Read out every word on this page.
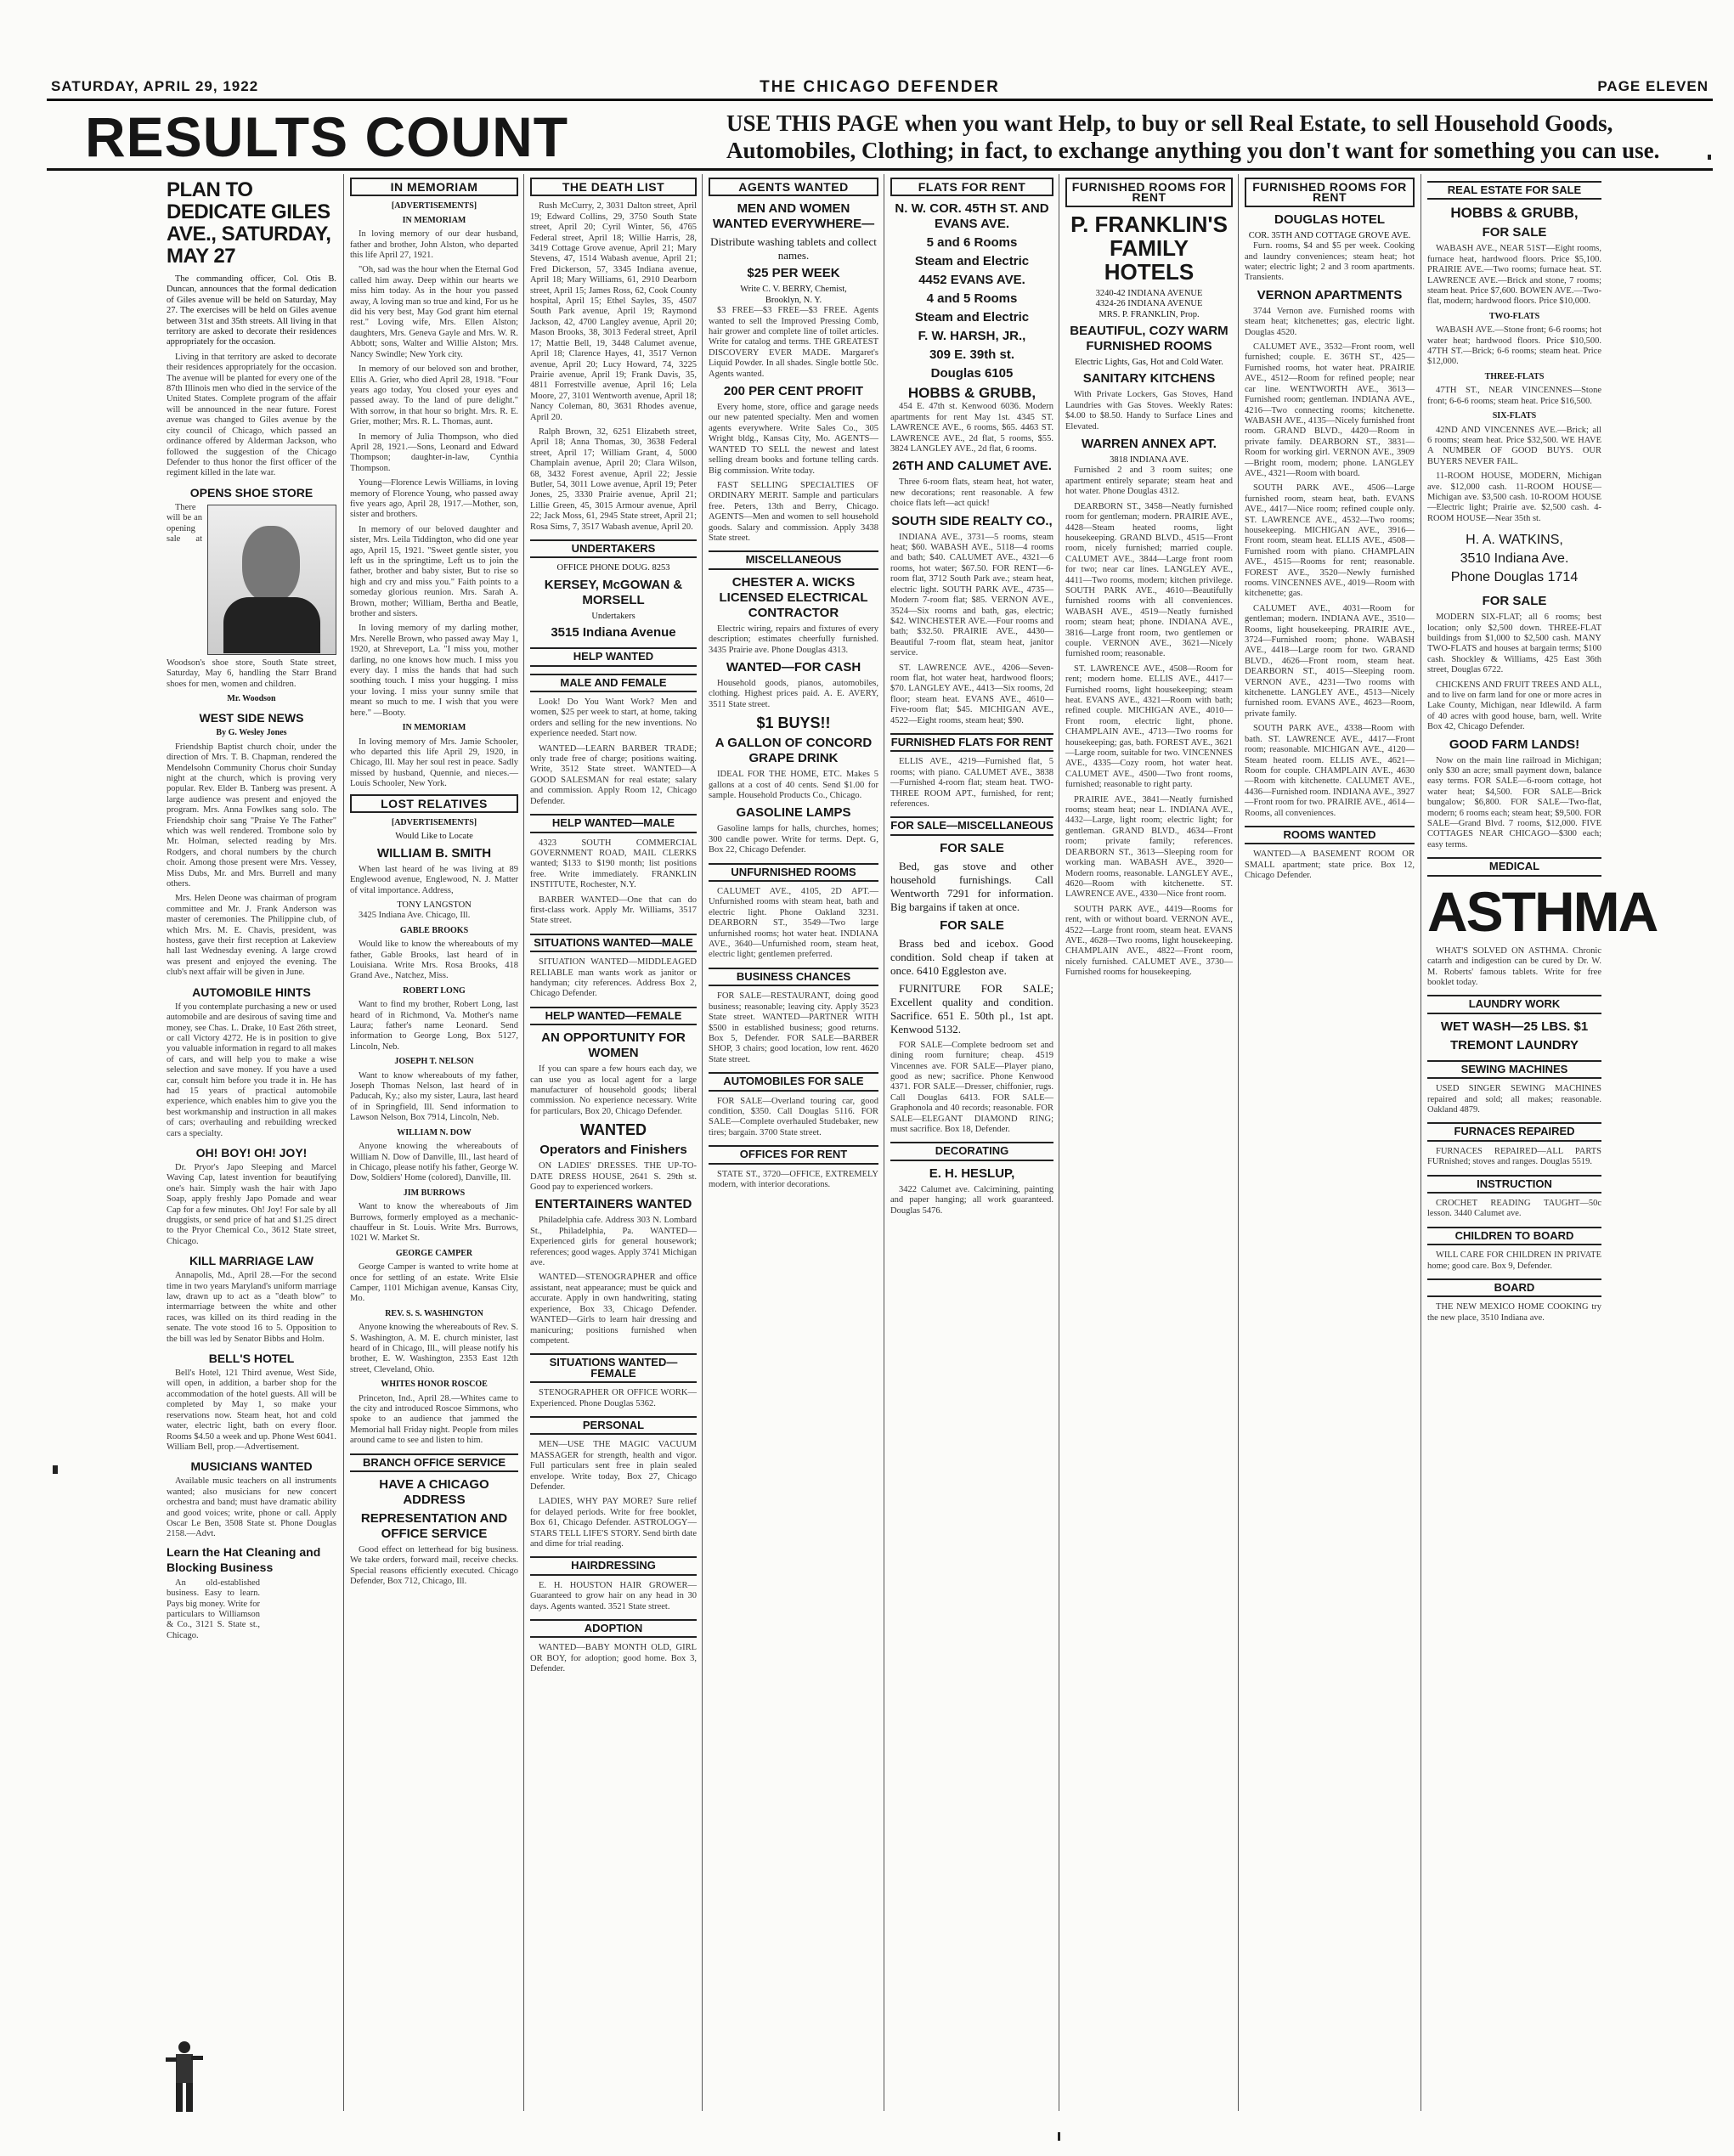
SATURDAY, APRIL 29, 1922	THE CHICAGO DEFENDER	PAGE ELEVEN
RESULTS COUNT	USE THIS PAGE when you want Help, to buy or sell Real Estate, to sell Household Goods, Automobiles, Clothing; in fact, to exchange anything you don't want for something you can use.
PLAN TO DEDICATE GILES AVE., SATURDAY, MAY 27

The commanding officer, Col. Otis B. Duncan, announces that the formal dedication of Giles avenue will be held on Saturday, May 27. The exercises will be held on Giles avenue between 31st and 35th streets. All living in that territory are asked to decorate their residences appropriately for the occasion.

Living in that territory are asked to decorate their residences appropriately for the occasion. The avenue will be planted for every one of the 87th Illinois men who died in the service of the United States. Complete program of the affair will be announced in the near future. Forest avenue was changed to Giles avenue by the city council of Chicago, which passed an ordinance offered by Alderman Jackson, who followed the suggestion of the Chicago Defender to thus honor the first officer of the regiment killed in the late war.

OPENS SHOE STORE

There will be an opening sale at Woodson's shoe store, South State street, Saturday, May 6, handling the Starr Brand shoes for men, women and children.

Mr. Woodson
WEST SIDE NEWS
By G. Wesley Jones

Friendship Baptist church choir, under the direction of Mrs. T. B. Chapman, rendered the Mendelsohn Community Chorus choir Sunday night at the church, which is proving very popular. Rev. Elder B. Tanberg was present. A large audience was present and enjoyed the program. Mrs. Anna Fowlkes sang solo. The Friendship choir sang "Praise Ye The Father" which was well rendered. Trombone solo by Mr. Holman, selected reading by Mrs. Rodgers, and choral numbers by the church choir. Among those present were Mrs. Vessey, Miss Dubs, Mr. and Mrs. Burrell and many others.

Mrs. Helen Deone was chairman of program committee and Mr. J. Frank Anderson was master of ceremonies. The Philippine club, of which Mrs. M. E. Chavis, president, was hostess, gave their first reception at Lakeview hall last Wednesday evening. A large crowd was present and enjoyed the evening. The club's next affair will be given in June.

AUTOMOBILE HINTS

If you contemplate purchasing a new or used automobile and are desirous of saving time and money, see Chas. L. Drake, 10 East 26th street, or call Victory 4272. He is in position to give you valuable information in regard to all makes of cars, and will help you to make a wise selection and save money. If you have a used car, consult him before you trade it in. He has had 15 years of practical automobile experience, which enables him to give you the best workmanship and instruction in all makes of cars; overhauling and rebuilding wrecked cars a specialty.

OH! BOY! OH! JOY!

Dr. Pryor's Japo Sleeping and Marcel Waving Cap, latest invention for beautifying one's hair. Simply wash the hair with Japo Soap, apply freshly Japo Pomade and wear Cap for a few minutes. Oh! Joy! For sale by all druggists, or send price of hat and $1.25 direct to the Pryor Chemical Co., 3612 State street, Chicago.

KILL MARRIAGE LAW

Annapolis, Md., April 28.—For the second time in two years Maryland's uniform marriage law, drawn up to act as a "death blow" to intermarriage between the white and other races, was killed on its third reading in the senate. The vote stood 16 to 5. Opposition to the bill was led by Senator Bibbs and Holm.

BELL'S HOTEL

Bell's Hotel, 121 Third avenue, West Side, will open, in addition, a barber shop for the accommodation of the hotel guests. All will be completed by May 1, so make your reservations now. Steam heat, hot and cold water, electric light, bath on every floor. Rooms $4.50 a week and up. Phone West 6041. William Bell, prop.—Advertisement.

MUSICIANS WANTED

Available music teachers on all instruments wanted; also musicians for new concert orchestra and band; must have dramatic ability and good voices; write, phone or call. Apply Oscar Le Ben, 3508 State st. Phone Douglas 2158.—Advt.

Learn the Hat Cleaning and Blocking Business

An old-established business. Easy to learn. Pays big money. Write for particulars to Williamson & Co., 3121 S. State st., Chicago.

IN MEMORIAM
[ADVERTISEMENTS]
IN MEMORIAM

In loving memory of our dear husband, father and brother, John Alston, who departed this life April 27, 1921.

"Oh, sad was the hour when the Eternal God called him away. Deep within our hearts we miss him today. As in the hour you passed away, A loving man so true and kind, For us he did his very best, May God grant him eternal rest." Loving wife, Mrs. Ellen Alston; daughters, Mrs. Geneva Gayle and Mrs. W. R. Abbott; sons, Walter and Willie Alston; Mrs. Nancy Swindle; New York city.

In memory of our beloved son and brother, Ellis A. Grier, who died April 28, 1918. "Four years ago today, You closed your eyes and passed away. To the land of pure delight." With sorrow, in that hour so bright. Mrs. R. E. Grier, mother; Mrs. R. L. Thomas, aunt.

In memory of Julia Thompson, who died April 28, 1921.—Sons, Leonard and Edward Thompson; daughter-in-law, Cynthia Thompson.

Young—Florence Lewis Williams, in loving memory of Florence Young, who passed away five years ago, April 28, 1917.—Mother, son, sister and brothers.

In memory of our beloved daughter and sister, Mrs. Leila Tiddington, who did one year ago, April 15, 1921. "Sweet gentle sister, you left us in the springtime, Left us to join the father, brother and baby sister, But to rise so high and cry and miss you." Faith points to a someday glorious reunion. Mrs. Sarah A. Brown, mother; William, Bertha and Beatle, brother and sisters.

In loving memory of my darling mother, Mrs. Nerelle Brown, who passed away May 1, 1920, at Shreveport, La. "I miss you, mother darling, no one knows how much. I miss you every day. I miss the hands that had such soothing touch. I miss your hugging. I miss your loving. I miss your sunny smile that meant so much to me. I wish that you were here." —Booty.

IN MEMORIAM

In loving memory of Mrs. Jamie Schooler, who departed this life April 29, 1920, in Chicago, Ill. May her soul rest in peace. Sadly missed by husband, Quennie, and nieces.—Louis Schooler, New York.

LOST RELATIVES
[ADVERTISEMENTS]
Would Like to Locate
WILLIAM B. SMITH

When last heard of he was living at 89 Englewood avenue, Englewood, N. J. Matter of vital importance. Address,

TONY LANGSTON

3425 Indiana Ave. Chicago, Ill.

GABLE BROOKS

Would like to know the whereabouts of my father, Gable Brooks, last heard of in Louisiana. Write Mrs. Rosa Brooks, 418 Grand Ave., Natchez, Miss.

ROBERT LONG

Want to find my brother, Robert Long, last heard of in Richmond, Va. Mother's name Laura; father's name Leonard. Send information to George Long, Box 5127, Lincoln, Neb.

JOSEPH T. NELSON

Want to know whereabouts of my father, Joseph Thomas Nelson, last heard of in Paducah, Ky.; also my sister, Laura, last heard of in Springfield, Ill. Send information to Lawson Nelson, Box 7914, Lincoln, Neb.

WILLIAM N. DOW

Anyone knowing the whereabouts of William N. Dow of Danville, Ill., last heard of in Chicago, please notify his father, George W. Dow, Soldiers' Home (colored), Danville, Ill.

JIM BURROWS

Want to know the whereabouts of Jim Burrows, formerly employed as a mechanic-chauffeur in St. Louis. Write Mrs. Burrows, 1021 W. Market St.

GEORGE CAMPER

George Camper is wanted to write home at once for settling of an estate. Write Elsie Camper, 1101 Michigan avenue, Kansas City, Mo.

REV. S. S. WASHINGTON

Anyone knowing the whereabouts of Rev. S. S. Washington, A. M. E. church minister, last heard of in Chicago, Ill., will please notify his brother, E. W. Washington, 2353 East 12th street, Cleveland, Ohio.

WHITES HONOR ROSCOE

Princeton, Ind., April 28.—Whites came to the city and introduced Roscoe Simmons, who spoke to an audience that jammed the Memorial hall Friday night. People from miles around came to see and listen to him.

BRANCH OFFICE SERVICE
HAVE A CHICAGO ADDRESS
REPRESENTATION AND OFFICE SERVICE

Good effect on letterhead for big business. We take orders, forward mail, receive checks. Special reasons efficiently executed. Chicago Defender, Box 712, Chicago, Ill.

THE DEATH LIST

Rush McCurry, 2, 3031 Dalton street, April 19; Edward Collins, 29, 3750 South State street, April 20; Cyril Winter, 56, 4765 Federal street, April 18; Willie Harris, 28, 3419 Cottage Grove avenue, April 21; Mary Stevens, 47, 1514 Wabash avenue, April 21; Fred Dickerson, 57, 3345 Indiana avenue, April 18; Mary Williams, 61, 2910 Dearborn street, April 15; James Ross, 62, Cook County hospital, April 15; Ethel Sayles, 35, 4507 South Park avenue, April 19; Raymond Jackson, 42, 4700 Langley avenue, April 20; Mason Brooks, 38, 3013 Federal street, April 17; Mattie Bell, 19, 3448 Calumet avenue, April 18; Clarence Hayes, 41, 3517 Vernon avenue, April 20; Lucy Howard, 74, 3225 Prairie avenue, April 19; Frank Davis, 35, 4811 Forrestville avenue, April 16; Lela Moore, 27, 3101 Wentworth avenue, April 18; Nancy Coleman, 80, 3631 Rhodes avenue, April 20.

Ralph Brown, 32, 6251 Elizabeth street, April 18; Anna Thomas, 30, 3638 Federal street, April 17; William Grant, 4, 5000 Champlain avenue, April 20; Clara Wilson, 68, 3432 Forest avenue, April 22; Jessie Butler, 54, 3011 Lowe avenue, April 19; Peter Jones, 25, 3330 Prairie avenue, April 21; Lillie Green, 45, 3015 Armour avenue, April 22; Jack Moss, 61, 2945 State street, April 21; Rosa Sims, 7, 3517 Wabash avenue, April 20.

UNDERTAKERS
OFFICE PHONE DOUG. 8253
KERSEY, McGOWAN & MORSELL
Undertakers
3515 Indiana Avenue
HELP WANTED
MALE AND FEMALE

Look! Do You Want Work? Men and women, $25 per week to start, at home, taking orders and selling for the new inventions. No experience needed. Start now.

WANTED—LEARN BARBER TRADE; only trade free of charge; positions waiting. Write, 3512 State street. WANTED—A GOOD SALESMAN for real estate; salary and commission. Apply Room 12, Chicago Defender.

HELP WANTED—MALE

4323 SOUTH COMMERCIAL GOVERNMENT ROAD, MAIL CLERKS wanted; $133 to $190 month; list positions free. Write immediately. FRANKLIN INSTITUTE, Rochester, N.Y.

BARBER WANTED—One that can do first-class work. Apply Mr. Williams, 3517 State street.

SITUATIONS WANTED—MALE

SITUATION WANTED—MIDDLEAGED RELIABLE man wants work as janitor or handyman; city references. Address Box 2, Chicago Defender.

HELP WANTED—FEMALE
AN OPPORTUNITY FOR WOMEN

If you can spare a few hours each day, we can use you as local agent for a large manufacturer of household goods; liberal commission. No experience necessary. Write for particulars, Box 20, Chicago Defender.

WANTED
Operators and Finishers

ON LADIES' DRESSES. THE UP-TO-DATE DRESS HOUSE, 2641 S. 29th st. Good pay to experienced workers.

ENTERTAINERS WANTED

Philadelphia cafe. Address 303 N. Lombard St., Philadelphia, Pa. WANTED—Experienced girls for general housework; references; good wages. Apply 3741 Michigan ave.

WANTED—STENOGRAPHER and office assistant, neat appearance; must be quick and accurate. Apply in own handwriting, stating experience, Box 33, Chicago Defender. WANTED—Girls to learn hair dressing and manicuring; positions furnished when competent.

SITUATIONS WANTED—FEMALE

STENOGRAPHER OR OFFICE WORK—Experienced. Phone Douglas 5362.

PERSONAL

MEN—USE THE MAGIC VACUUM MASSAGER for strength, health and vigor. Full particulars sent free in plain sealed envelope. Write today, Box 27, Chicago Defender.

LADIES, WHY PAY MORE? Sure relief for delayed periods. Write for free booklet, Box 61, Chicago Defender. ASTROLOGY—STARS TELL LIFE'S STORY. Send birth date and dime for trial reading.

HAIRDRESSING

E. H. HOUSTON HAIR GROWER—Guaranteed to grow hair on any head in 30 days. Agents wanted. 3521 State street.

ADOPTION

WANTED—BABY MONTH OLD, GIRL OR BOY, for adoption; good home. Box 3, Defender.

AGENTS WANTED
MEN AND WOMEN WANTED EVERYWHERE—
Distribute washing tablets and collect names.
$25 PER WEEK
Write C. V. BERRY, Chemist,
Brooklyn, N. Y.

$3 FREE—$3 FREE—$3 FREE. Agents wanted to sell the Improved Pressing Comb, hair grower and complete line of toilet articles. Write for catalog and terms. THE GREATEST DISCOVERY EVER MADE. Margaret's Liquid Powder. In all shades. Single bottle 50c. Agents wanted.

200 PER CENT PROFIT

Every home, store, office and garage needs our new patented specialty. Men and women agents everywhere. Write Sales Co., 305 Wright bldg., Kansas City, Mo. AGENTS—WANTED TO SELL the newest and latest selling dream books and fortune telling cards. Big commission. Write today.

FAST SELLING SPECIALTIES OF ORDINARY MERIT. Sample and particulars free. Peters, 13th and Berry, Chicago. AGENTS—Men and women to sell household goods. Salary and commission. Apply 3438 State street.

MISCELLANEOUS
CHESTER A. WICKS LICENSED ELECTRICAL CONTRACTOR

Electric wiring, repairs and fixtures of every description; estimates cheerfully furnished. 3435 Prairie ave. Phone Douglas 4313.

WANTED—FOR CASH

Household goods, pianos, automobiles, clothing. Highest prices paid. A. E. AVERY, 3511 State street.

$1 BUYS!!
A GALLON OF CONCORD GRAPE DRINK

IDEAL FOR THE HOME, ETC. Makes 5 gallons at a cost of 40 cents. Send $1.00 for sample. Household Products Co., Chicago.

GASOLINE LAMPS

Gasoline lamps for halls, churches, homes; 300 candle power. Write for terms. Dept. G, Box 22, Chicago Defender.

UNFURNISHED ROOMS

CALUMET AVE., 4105, 2D APT.—Unfurnished rooms with steam heat, bath and electric light. Phone Oakland 3231. DEARBORN ST., 3549—Two large unfurnished rooms; hot water heat. INDIANA AVE., 3640—Unfurnished room, steam heat, electric light; gentlemen preferred.

BUSINESS CHANCES

FOR SALE—RESTAURANT, doing good business; reasonable; leaving city. Apply 3523 State street. WANTED—PARTNER WITH $500 in established business; good returns. Box 5, Defender. FOR SALE—BARBER SHOP, 3 chairs; good location, low rent. 4620 State street.

AUTOMOBILES FOR SALE

FOR SALE—Overland touring car, good condition, $350. Call Douglas 5116. FOR SALE—Complete overhauled Studebaker, new tires; bargain. 3700 State street.

OFFICES FOR RENT

STATE ST., 3720—OFFICE, EXTREMELY modern, with interior decorations.

FLATS FOR RENT
N. W. COR. 45TH ST. AND EVANS AVE.
5 and 6 Rooms
Steam and Electric
4452 EVANS AVE.
4 and 5 Rooms
Steam and Electric
F. W. HARSH, JR.,
309 E. 39th st.
Douglas 6105
HOBBS & GRUBB,

454 E. 47th st. Kenwood 6036. Modern apartments for rent May 1st. 4345 ST. LAWRENCE AVE., 6 rooms, $65. 4463 ST. LAWRENCE AVE., 2d flat, 5 rooms, $55. 3824 LANGLEY AVE., 2d flat, 6 rooms.

26TH AND CALUMET AVE.

Three 6-room flats, steam heat, hot water, new decorations; rent reasonable. A few choice flats left—act quick!

SOUTH SIDE REALTY CO.,

INDIANA AVE., 3731—5 rooms, steam heat; $60. WABASH AVE., 5118—4 rooms and bath; $40. CALUMET AVE., 4321—6 rooms, hot water; $67.50. FOR RENT—6-room flat, 3712 South Park ave.; steam heat, electric light. SOUTH PARK AVE., 4735—Modern 7-room flat; $85. VERNON AVE., 3524—Six rooms and bath, gas, electric; $42. WINCHESTER AVE.—Four rooms and bath; $32.50. PRAIRIE AVE., 4430—Beautiful 7-room flat, steam heat, janitor service.

ST. LAWRENCE AVE., 4206—Seven-room flat, hot water heat, hardwood floors; $70. LANGLEY AVE., 4413—Six rooms, 2d floor; steam heat. EVANS AVE., 4610—Five-room flat; $45. MICHIGAN AVE., 4522—Eight rooms, steam heat; $90.

FURNISHED FLATS FOR RENT

ELLIS AVE., 4219—Furnished flat, 5 rooms; with piano. CALUMET AVE., 3838—Furnished 4-room flat; steam heat. TWO-THREE ROOM APT., furnished, for rent; references.

FOR SALE—MISCELLANEOUS
FOR SALE

Bed, gas stove and other household furnishings. Call Wentworth 7291 for information. Big bargains if taken at once.

FOR SALE

Brass bed and icebox. Good condition. Sold cheap if taken at once. 6410 Eggleston ave.

FURNITURE FOR SALE; Excellent quality and condition. Sacrifice. 651 E. 50th pl., 1st apt. Kenwood 5132.

FOR SALE—Complete bedroom set and dining room furniture; cheap. 4519 Vincennes ave. FOR SALE—Player piano, good as new; sacrifice. Phone Kenwood 4371. FOR SALE—Dresser, chiffonier, rugs. Call Douglas 6413. FOR SALE—Graphonola and 40 records; reasonable. FOR SALE—ELEGANT DIAMOND RING; must sacrifice. Box 18, Defender.

DECORATING
E. H. HESLUP,

3422 Calumet ave. Calcimining, painting and paper hanging; all work guaranteed. Douglas 5476.

FURNISHED ROOMS FOR RENT
P. FRANKLIN'S FAMILY HOTELS
3240-42 INDIANA AVENUE
4324-26 INDIANA AVENUE
MRS. P. FRANKLIN, Prop.
BEAUTIFUL, COZY WARM FURNISHED ROOMS
Electric Lights, Gas, Hot and Cold Water.
SANITARY KITCHENS

With Private Lockers, Gas Stoves, Hand Laundries with Gas Stoves. Weekly Rates: $4.00 to $8.50. Handy to Surface Lines and Elevated.

WARREN ANNEX APT.
3818 INDIANA AVE.

Furnished 2 and 3 room suites; one apartment entirely separate; steam heat and hot water. Phone Douglas 4312.

DEARBORN ST., 3458—Neatly furnished room for gentleman; modern. PRAIRIE AVE., 4428—Steam heated rooms, light housekeeping. GRAND BLVD., 4515—Front room, nicely furnished; married couple. CALUMET AVE., 3844—Large front room for two; near car lines. LANGLEY AVE., 4411—Two rooms, modern; kitchen privilege. SOUTH PARK AVE., 4610—Beautifully furnished rooms with all conveniences. WABASH AVE., 4519—Neatly furnished room; steam heat; phone. INDIANA AVE., 3816—Large front room, two gentlemen or couple. VERNON AVE., 3621—Nicely furnished room; reasonable.

ST. LAWRENCE AVE., 4508—Room for rent; modern home. ELLIS AVE., 4417—Furnished rooms, light housekeeping; steam heat. EVANS AVE., 4321—Room with bath; refined couple. MICHIGAN AVE., 4010—Front room, electric light, phone. CHAMPLAIN AVE., 4713—Two rooms for housekeeping; gas, bath. FOREST AVE., 3621—Large room, suitable for two. VINCENNES AVE., 4335—Cozy room, hot water heat. CALUMET AVE., 4500—Two front rooms, furnished; reasonable to right party.

PRAIRIE AVE., 3841—Neatly furnished rooms; steam heat; near L. INDIANA AVE., 4432—Large, light room; electric light; for gentleman. GRAND BLVD., 4634—Front room; private family; references. DEARBORN ST., 3613—Sleeping room for working man. WABASH AVE., 3920—Modern rooms, reasonable. LANGLEY AVE., 4620—Room with kitchenette. ST. LAWRENCE AVE., 4330—Nice front room.

SOUTH PARK AVE., 4419—Rooms for rent, with or without board. VERNON AVE., 4522—Large front room, steam heat. EVANS AVE., 4628—Two rooms, light housekeeping. CHAMPLAIN AVE., 4822—Front room, nicely furnished. CALUMET AVE., 3730—Furnished rooms for housekeeping.

FURNISHED ROOMS FOR RENT
DOUGLAS HOTEL
COR. 35TH AND COTTAGE GROVE AVE.

Furn. rooms, $4 and $5 per week. Cooking and laundry conveniences; steam heat; hot water; electric light; 2 and 3 room apartments. Transients.

VERNON APARTMENTS

3744 Vernon ave. Furnished rooms with steam heat; kitchenettes; gas, electric light. Douglas 4520.

CALUMET AVE., 3532—Front room, well furnished; couple. E. 36TH ST., 425—Furnished rooms, hot water heat. PRAIRIE AVE., 4512—Room for refined people; near car line. WENTWORTH AVE., 3613—Furnished room; gentleman. INDIANA AVE., 4216—Two connecting rooms; kitchenette. WABASH AVE., 4135—Nicely furnished front room. GRAND BLVD., 4420—Room in private family. DEARBORN ST., 3831—Room for working girl. VERNON AVE., 3909—Bright room, modern; phone. LANGLEY AVE., 4321—Room with board.

SOUTH PARK AVE., 4506—Large furnished room, steam heat, bath. EVANS AVE., 4417—Nice room; refined couple only. ST. LAWRENCE AVE., 4532—Two rooms; housekeeping. MICHIGAN AVE., 3916—Front room, steam heat. ELLIS AVE., 4508—Furnished room with piano. CHAMPLAIN AVE., 4515—Rooms for rent; reasonable. FOREST AVE., 3520—Newly furnished rooms. VINCENNES AVE., 4019—Room with kitchenette; gas.

CALUMET AVE., 4031—Room for gentleman; modern. INDIANA AVE., 3510—Rooms, light housekeeping. PRAIRIE AVE., 3724—Furnished room; phone. WABASH AVE., 4418—Large room for two. GRAND BLVD., 4626—Front room, steam heat. DEARBORN ST., 4015—Sleeping room. VERNON AVE., 4231—Two rooms with kitchenette. LANGLEY AVE., 4513—Nicely furnished room. EVANS AVE., 4623—Room, private family.

SOUTH PARK AVE., 4338—Room with bath. ST. LAWRENCE AVE., 4417—Front room; reasonable. MICHIGAN AVE., 4120—Steam heated room. ELLIS AVE., 4621—Room for couple. CHAMPLAIN AVE., 4630—Room with kitchenette. CALUMET AVE., 4436—Furnished room. INDIANA AVE., 3927—Front room for two. PRAIRIE AVE., 4614—Rooms, all conveniences.

ROOMS WANTED

WANTED—A BASEMENT ROOM OR SMALL apartment; state price. Box 12, Chicago Defender.

REAL ESTATE FOR SALE
HOBBS & GRUBB,
FOR SALE

WABASH AVE., NEAR 51ST—Eight rooms, furnace heat, hardwood floors. Price $5,100. PRAIRIE AVE.—Two rooms; furnace heat. ST. LAWRENCE AVE.—Brick and stone, 7 rooms; steam heat. Price $7,600. BOWEN AVE.—Two-flat, modern; hardwood floors. Price $10,000.

TWO-FLATS

WABASH AVE.—Stone front; 6-6 rooms; hot water heat; hardwood floors. Price $10,500. 47TH ST.—Brick; 6-6 rooms; steam heat. Price $12,000.

THREE-FLATS

47TH ST., NEAR VINCENNES—Stone front; 6-6-6 rooms; steam heat. Price $16,500.

SIX-FLATS

42ND AND VINCENNES AVE.—Brick; all 6 rooms; steam heat. Price $32,500. WE HAVE A NUMBER OF GOOD BUYS. OUR BUYERS NEVER FAIL.

11-ROOM HOUSE, MODERN, Michigan ave. $12,000 cash. 11-ROOM HOUSE—Michigan ave. $3,500 cash. 10-ROOM HOUSE—Electric light; Prairie ave. $2,500 cash. 4-ROOM HOUSE—Near 35th st.

H. A. WATKINS,
3510 Indiana Ave.
Phone Douglas 1714
FOR SALE

MODERN SIX-FLAT; all 6 rooms; best location; only $2,500 down. THREE-FLAT buildings from $1,000 to $2,500 cash. MANY TWO-FLATS and houses at bargain terms; $100 cash. Shockley & Williams, 425 East 36th street, Douglas 6722.

CHICKENS AND FRUIT TREES AND ALL, and to live on farm land for one or more acres in Lake County, Michigan, near Idlewild. A farm of 40 acres with good house, barn, well. Write Box 42, Chicago Defender.

GOOD FARM LANDS!

Now on the main line railroad in Michigan; only $30 an acre; small payment down, balance easy terms. FOR SALE—6-room cottage, hot water heat; $4,500. FOR SALE—Brick bungalow; $6,800. FOR SALE—Two-flat, modern; 6 rooms each; steam heat; $9,500. FOR SALE—Grand Blvd. 7 rooms, $12,000. FIVE COTTAGES NEAR CHICAGO—$300 each; easy terms.

MEDICAL
ASTHMA

WHAT'S SOLVED ON ASTHMA. Chronic catarrh and indigestion can be cured by Dr. W. M. Roberts' famous tablets. Write for free booklet today.

LAUNDRY WORK
WET WASH—25 LBS. $1
TREMONT LAUNDRY
SEWING MACHINES

USED SINGER SEWING MACHINES repaired and sold; all makes; reasonable. Oakland 4879.

FURNACES REPAIRED

FURNACES REPAIRED—ALL PARTS FURnished; stoves and ranges. Douglas 5519.

INSTRUCTION

CROCHET READING TAUGHT—50c lesson. 3440 Calumet ave.

CHILDREN TO BOARD

WILL CARE FOR CHILDREN IN PRIVATE home; good care. Box 9, Defender.

BOARD

THE NEW MEXICO HOME COOKING try the new place, 3510 Indiana ave.
